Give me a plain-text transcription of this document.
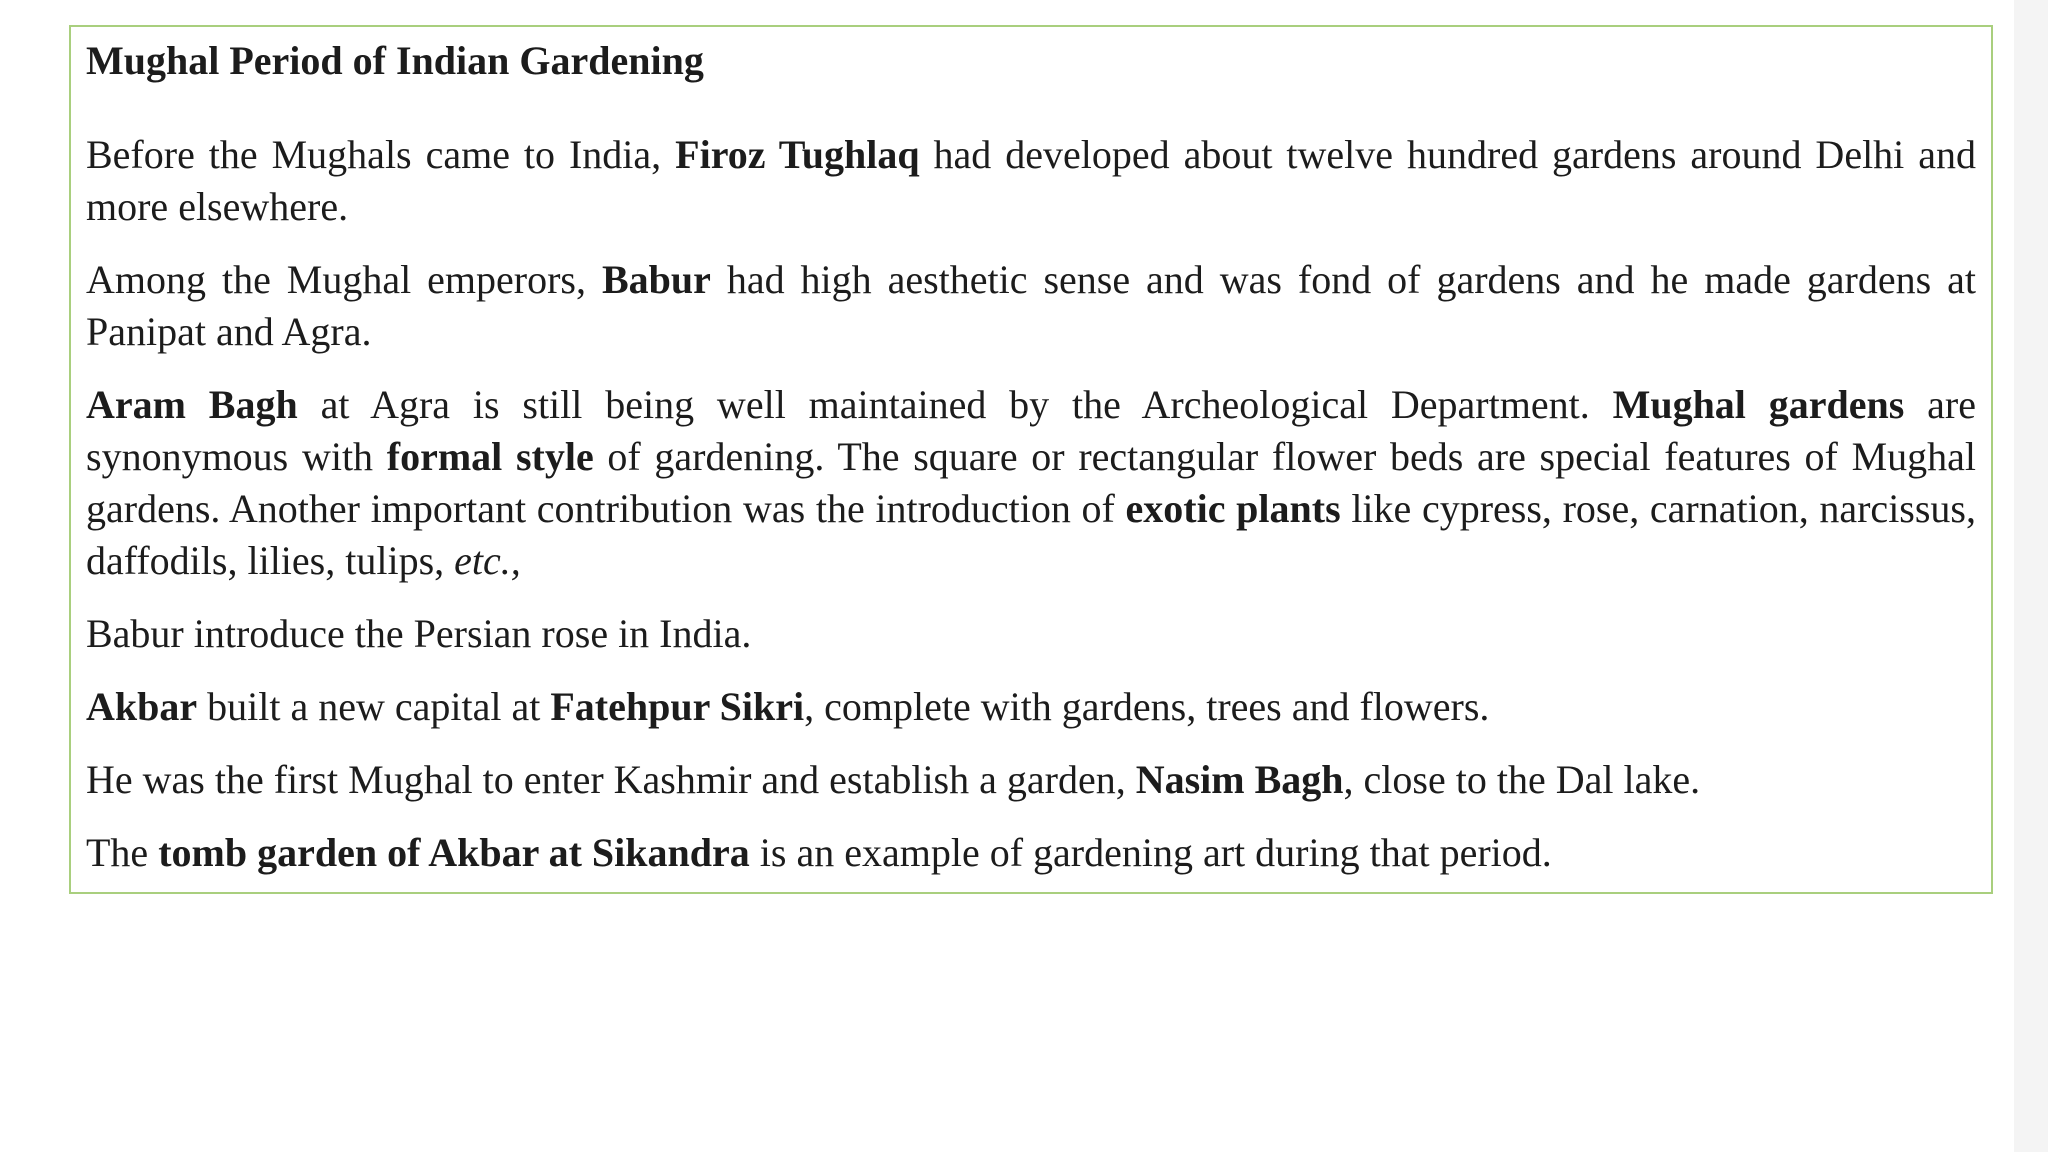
Mughal Period of Indian Gardening

Before the Mughals came to India, Firoz Tughlaq had developed about twelve hundred gardens around Delhi and more elsewhere.

Among the Mughal emperors, Babur had high aesthetic sense and was fond of gardens and he made gardens at Panipat and Agra.

Aram Bagh at Agra is still being well maintained by the Archeological Department. Mughal gardens are synonymous with formal style of gardening. The square or rectangular flower beds are special features of Mughal gardens. Another important contribution was the introduction of exotic plants like cypress, rose, carnation, narcissus, daffodils, lilies, tulips, etc.,

Babur introduce the Persian rose in India.

Akbar built a new capital at Fatehpur Sikri, complete with gardens, trees and flowers.

He was the first Mughal to enter Kashmir and establish a garden, Nasim Bagh, close to the Dal lake.

The tomb garden of Akbar at Sikandra is an example of gardening art during that period.
